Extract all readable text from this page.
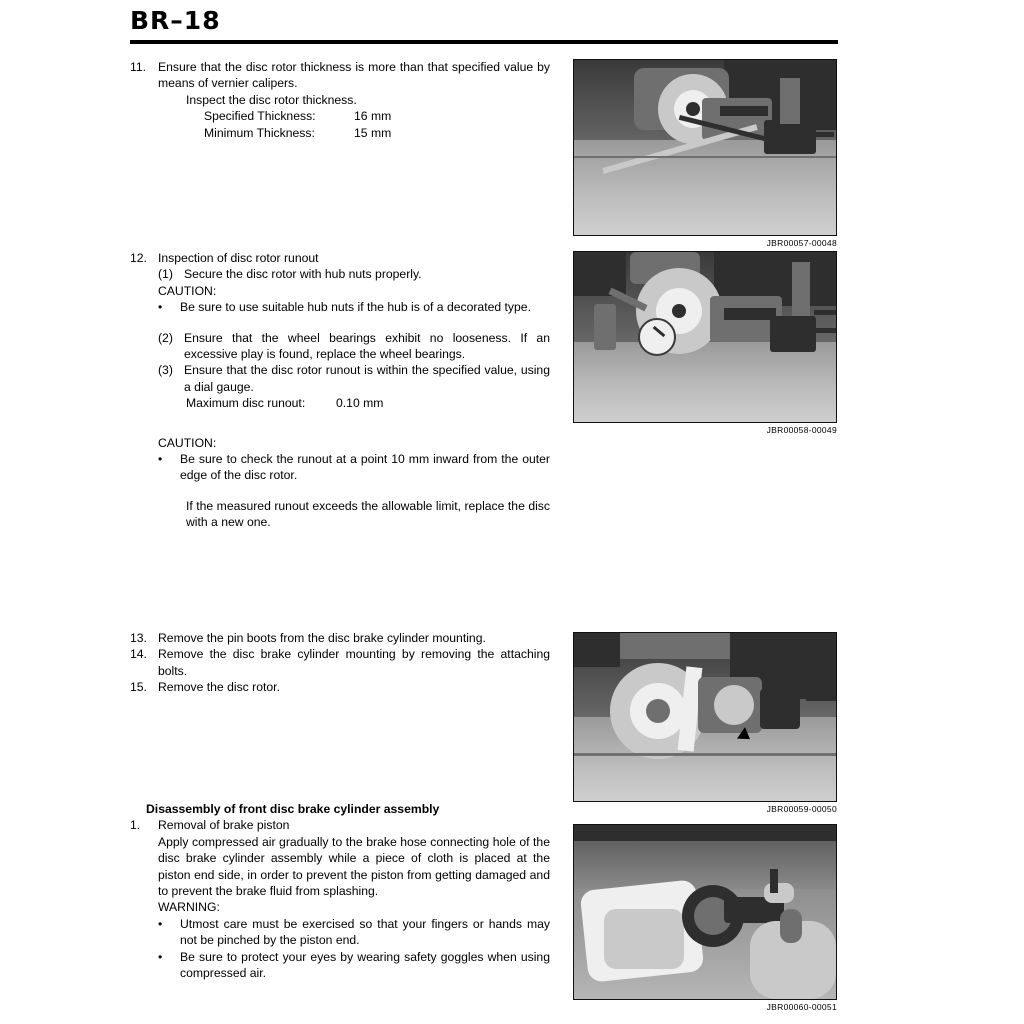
BR–18
11. Ensure that the disc rotor thickness is more than that specified value by means of vernier calipers.
Inspect the disc rotor thickness.
Specified Thickness:	16 mm
Minimum Thickness:	15 mm
12. Inspection of disc rotor runout
(1) Secure the disc rotor with hub nuts properly.
CAUTION:
•	Be sure to use suitable hub nuts if the hub is of a decorated type.
(2) Ensure that the wheel bearings exhibit no looseness. If an excessive play is found, replace the wheel bearings.
(3) Ensure that the disc rotor runout is within the specified value, using a dial gauge.
Maximum disc runout:	0.10 mm
CAUTION:
•	Be sure to check the runout at a point 10 mm inward from the outer edge of the disc rotor.
If the measured runout exceeds the allowable limit, replace the disc with a new one.
13. Remove the pin boots from the disc brake cylinder mounting.
14. Remove the disc brake cylinder mounting by removing the attaching bolts.
15. Remove the disc rotor.
Disassembly of front disc brake cylinder assembly
1.	Removal of brake piston
Apply compressed air gradually to the brake hose connecting hole of the disc brake cylinder assembly while a piece of cloth is placed at the piston end side, in order to prevent the piston from getting damaged and to prevent the brake fluid from splashing.
WARNING:
•	Utmost care must be exercised so that your fingers or hands may not be pinched by the piston end.
•	Be sure to protect your eyes by wearing safety goggles when using compressed air.
JBR00057-00048
JBR00058-00049
JBR00059-00050
JBR00060-00051
